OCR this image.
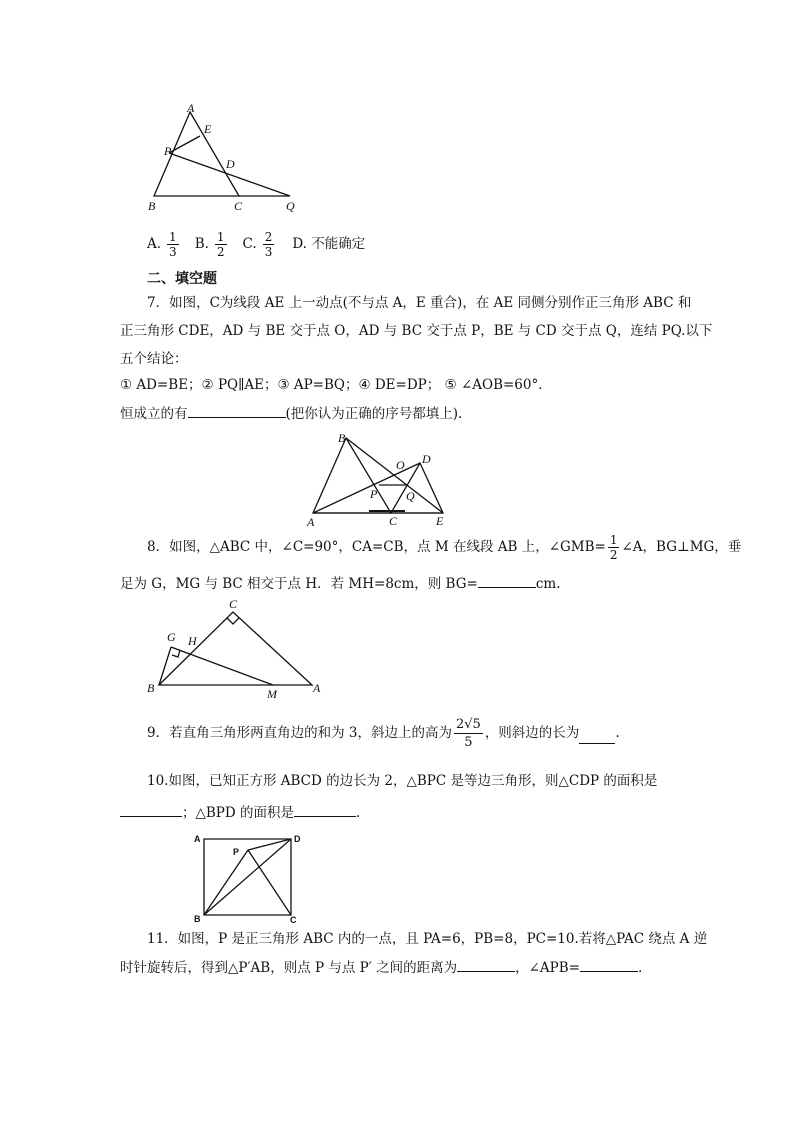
A
E
P
D
B	C	Q
A. $\frac{1}{3} B$. $\frac{1}{2} C$. $\frac{2}{3} D$. 不能确定
二、填空题
7．如图，C为线段 AE 上一动点(不与点 A，E 重合)，在 AE 同侧分别作正三角形 ABC 和
正三角形 CDE，AD 与 BE 交于点 O，AD 与 BC 交于点 P，BE 与 CD 交于点 Q，连结 PQ.以下
五个结论：
① AD=BE；② PQ∥AE；③ AP=BQ；④ DE=DP； ⑤ ∠AOB=60°．
恒成立的有	(把你认为正确的序号都填上).
B
O D
P Q
A	C	E
8．如图，△ABC 中，∠C=90°，CA=CB，点 M 在线段 AB 上，∠GMB= $\frac{1}{2}$ ∠A，BG⊥MG，垂
足为 G，MG 与 BC 相交于点 H．若 MH=8cm，则 BG=	cm.
C
G H
B	M	A
9．若直角三角形两直角边的和为 3，斜边上的高为 $\frac{2√5}{5}$ ，则斜边的长为	.
10.如图，已知正方形 ABCD 的边长为 2，△BPC 是等边三角形，则△CDP 的面积是
；△BPD 的面积是	.
A	D
P
B	C
11．如图，P 是正三角形 ABC 内的一点，且 PA=6，PB=8，PC=10.若将△PAC 绕点 A 逆
时针旋转后，得到△P′AB，则点 P 与点 P′ 之间的距离为	，∠APB=	.
